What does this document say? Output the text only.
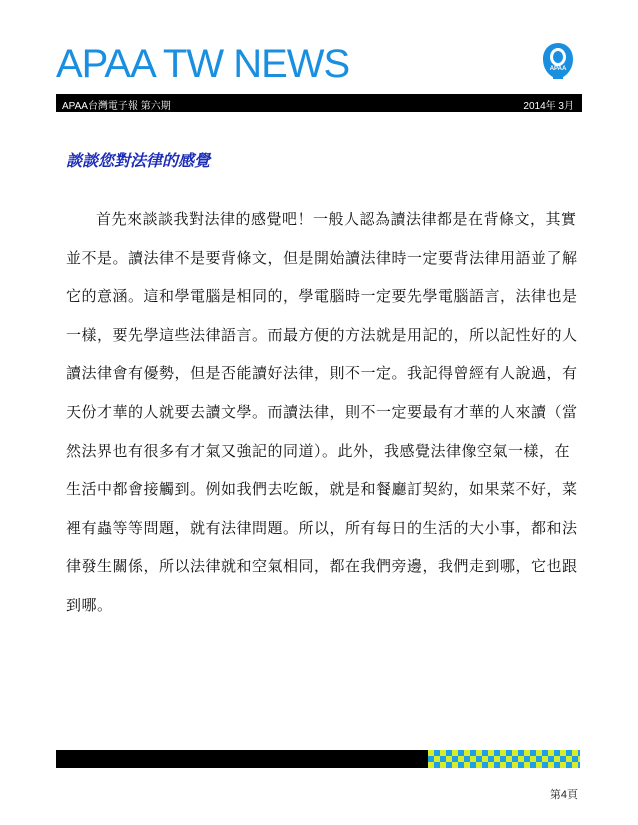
APAA TW NEWS	APAA
APAA台灣電子報 第六期	2014年 3月
談談您對法律的感覺

首先來談談我對法律的感覺吧！一般人認為讀法律都是在背條文，其實並不是。讀法律不是要背條文，但是開始讀法律時一定要背法律用語並了解它的意涵。這和學電腦是相同的，學電腦時一定要先學電腦語言，法律也是一樣，要先學這些法律語言。而最方便的方法就是用記的，所以記性好的人讀法律會有優勢，但是否能讀好法律，則不一定。我記得曾經有人說過，有天份才華的人就要去讀文學。而讀法律，則不一定要最有才華的人來讀（當然法界也有很多有才氣又強記的同道）。此外，我感覺法律像空氣一樣，在生活中都會接觸到。例如我們去吃飯，就是和餐廳訂契約，如果菜不好，菜裡有蟲等等問題，就有法律問題。所以，所有每日的生活的大小事，都和法律發生關係，所以法律就和空氣相同，都在我們旁邊，我們走到哪，它也跟到哪。

第4頁
